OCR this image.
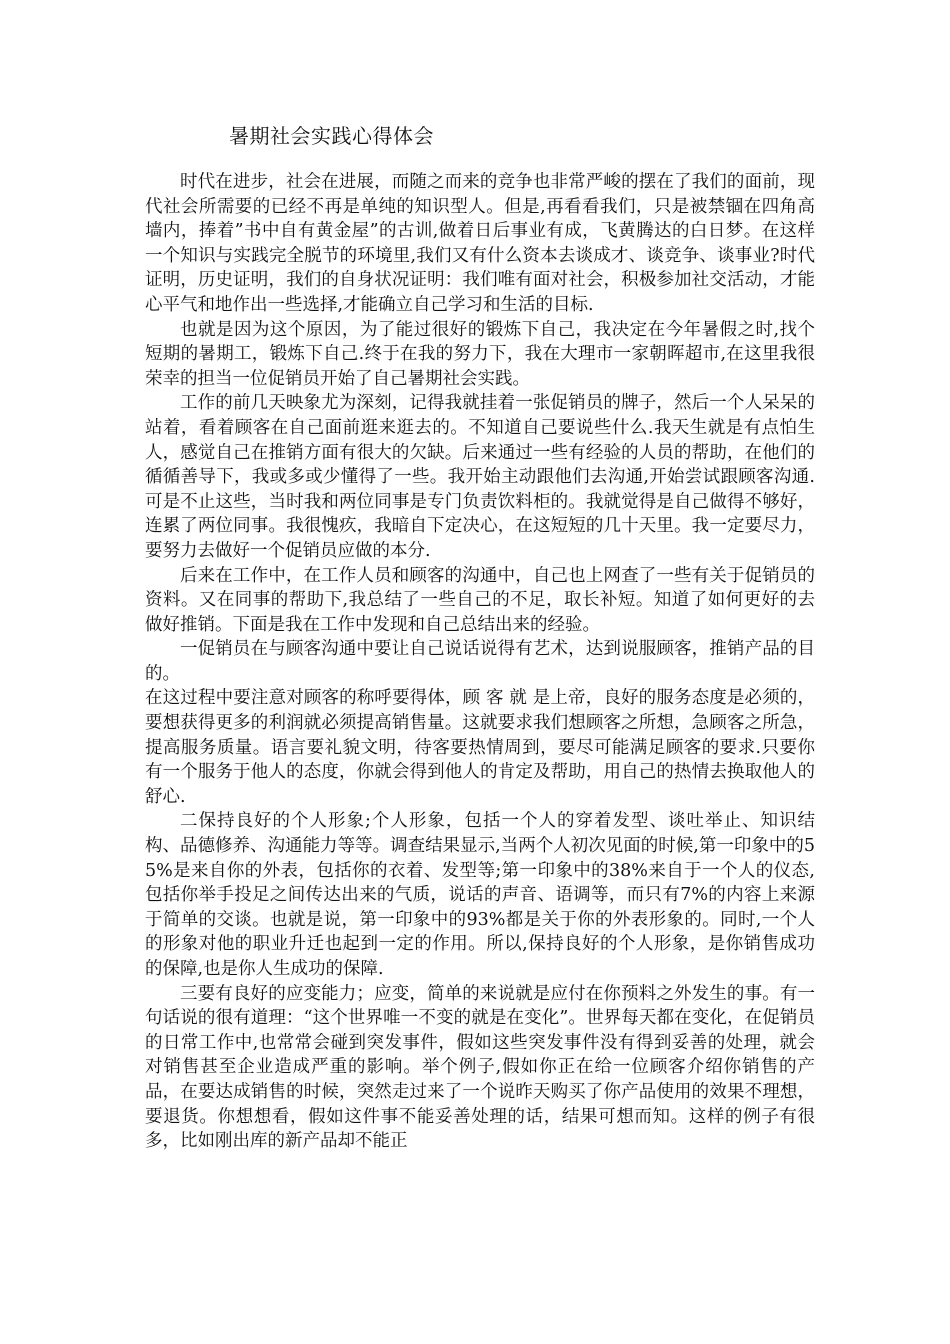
暑期社会实践心得体会

时代在进步，社会在进展，而随之而来的竞争也非常严峻的摆在了我们的面前，现代社会所需要的已经不再是单纯的知识型人。但是,再看看我们，只是被禁锢在四角高墙内，捧着”书中自有黄金屋”的古训,做着日后事业有成，飞黄腾达的白日梦。在这样一个知识与实践完全脱节的环境里,我们又有什么资本去谈成才、谈竞争、谈事业?时代证明，历史证明，我们的自身状况证明：我们唯有面对社会，积极参加社交活动，才能心平气和地作出一些选择,才能确立自己学习和生活的目标.

也就是因为这个原因，为了能过很好的锻炼下自己，我决定在今年暑假之时,找个短期的暑期工，锻炼下自己.终于在我的努力下，我在大理市一家朝晖超市,在这里我很荣幸的担当一位促销员开始了自己暑期社会实践。

工作的前几天映象尤为深刻，记得我就挂着一张促销员的牌子，然后一个人呆呆的站着，看着顾客在自己面前逛来逛去的。不知道自己要说些什么.我天生就是有点怕生人，感觉自己在推销方面有很大的欠缺。后来通过一些有经验的人员的帮助，在他们的循循善导下，我或多或少懂得了一些。我开始主动跟他们去沟通,开始尝试跟顾客沟通.可是不止这些，当时我和两位同事是专门负责饮料柜的。我就觉得是自己做得不够好，连累了两位同事。我很愧疚，我暗自下定决心，在这短短的几十天里。我一定要尽力，要努力去做好一个促销员应做的本分.

后来在工作中，在工作人员和顾客的沟通中，自己也上网查了一些有关于促销员的资料。又在同事的帮助下,我总结了一些自己的不足，取长补短。知道了如何更好的去做好推销。下面是我在工作中发现和自己总结出来的经验。

一促销员在与顾客沟通中要让自己说话说得有艺术，达到说服顾客，推销产品的目的。

在这过程中要注意对顾客的称呼要得体，顾 客 就 是上帝，良好的服务态度是必须的，要想获得更多的利润就必须提高销售量。这就要求我们想顾客之所想，急顾客之所急，提高服务质量。语言要礼貌文明，待客要热情周到，要尽可能满足顾客的要求.只要你有一个服务于他人的态度，你就会得到他人的肯定及帮助，用自己的热情去换取他人的舒心.

二保持良好的个人形象;个人形象，包括一个人的穿着发型、谈吐举止、知识结构、品德修养、沟通能力等等。调查结果显示,当两个人初次见面的时候,第一印象中的55%是来自你的外表，包括你的衣着、发型等;第一印象中的38%来自于一个人的仪态,包括你举手投足之间传达出来的气质，说话的声音、语调等，而只有7%的内容上来源于简单的交谈。也就是说，第一印象中的93%都是关于你的外表形象的。同时,一个人的形象对他的职业升迁也起到一定的作用。所以,保持良好的个人形象，是你销售成功的保障,也是你人生成功的保障.

三要有良好的应变能力；应变，简单的来说就是应付在你预料之外发生的事。有一句话说的很有道理：“这个世界唯一不变的就是在变化”。世界每天都在变化，在促销员的日常工作中,也常常会碰到突发事件，假如这些突发事件没有得到妥善的处理，就会对销售甚至企业造成严重的影响。举个例子,假如你正在给一位顾客介绍你销售的产品，在要达成销售的时候，突然走过来了一个说昨天购买了你产品使用的效果不理想，要退货。你想想看，假如这件事不能妥善处理的话，结果可想而知。这样的例子有很多，比如刚出库的新产品却不能正
